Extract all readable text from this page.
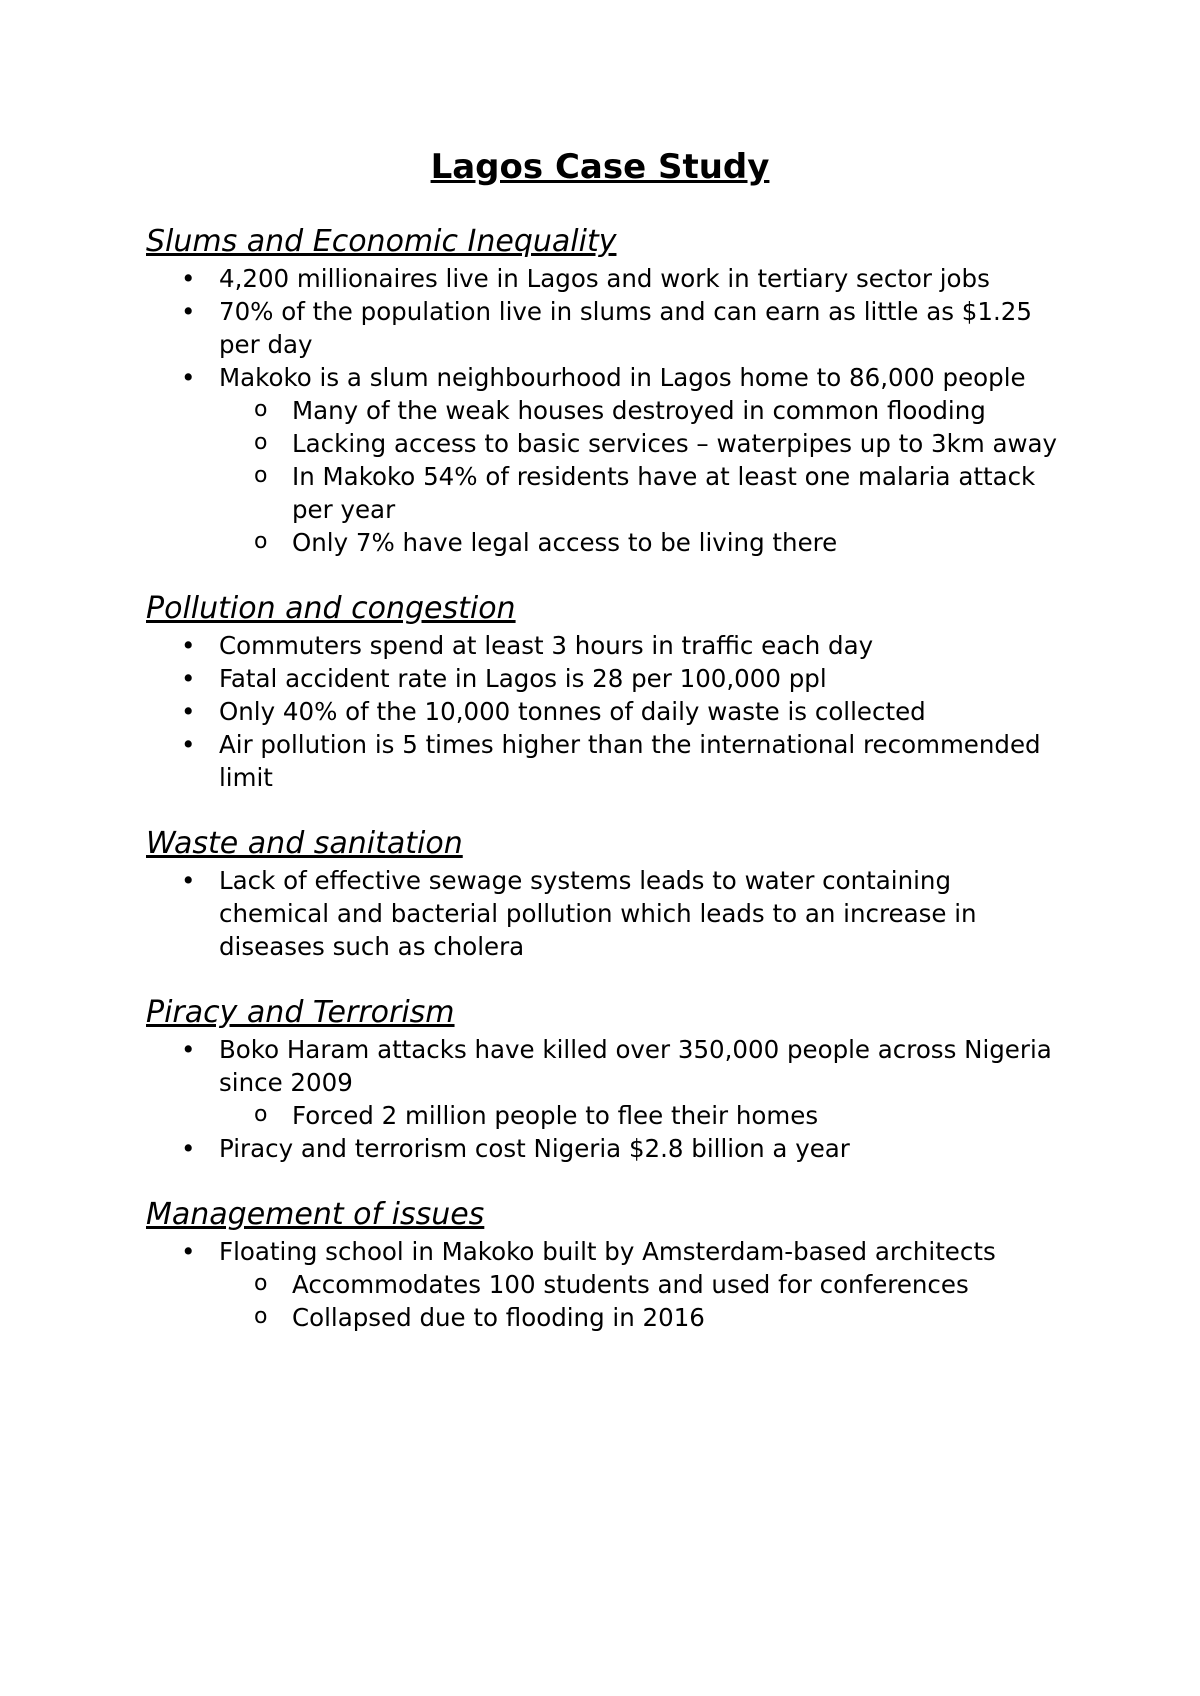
Lagos Case Study
Slums and Economic Inequality
• 4,200 millionaires live in Lagos and work in tertiary sector jobs
• 70% of the population live in slums and can earn as little as $1.25 per day
• Makoko is a slum neighbourhood in Lagos home to 86,000 people
o Many of the weak houses destroyed in common flooding
o Lacking access to basic services – waterpipes up to 3km away
o In Makoko 54% of residents have at least one malaria attack per year
o Only 7% have legal access to be living there
Pollution and congestion
• Commuters spend at least 3 hours in traffic each day
• Fatal accident rate in Lagos is 28 per 100,000 ppl
• Only 40% of the 10,000 tonnes of daily waste is collected
• Air pollution is 5 times higher than the international recommended limit
Waste and sanitation
• Lack of effective sewage systems leads to water containing chemical and bacterial pollution which leads to an increase in diseases such as cholera
Piracy and Terrorism
• Boko Haram attacks have killed over 350,000 people across Nigeria since 2009
o Forced 2 million people to flee their homes
• Piracy and terrorism cost Nigeria $2.8 billion a year
Management of issues
• Floating school in Makoko built by Amsterdam-based architects
o Accommodates 100 students and used for conferences
o Collapsed due to flooding in 2016
